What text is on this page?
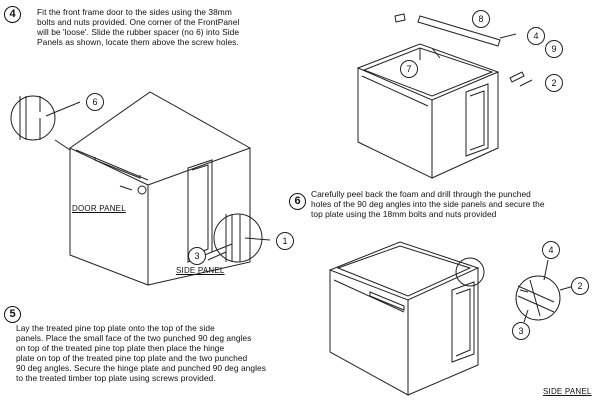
4	Fit the front frame door to the sides using the 38mm

bolts and nuts provided. One corner of the FrontPanel

will be 'loose'. Slide the rubber spacer (no 6) into Side

Panels as shown, locate them above the screw holes.

5

Lay the treated pine top plate onto the top of the side

panels. Place the small face of the two punched 90 deg angles

on top of the treated pine top plate then place the hinge

plate on top of the treated pine top plate and the two punched

90 deg angles. Secure the hinge plate and punched 90 deg angles

to the treated timber top plate using screws provided.

6

Carefully peel back the foam and drill through the punched

holes of the 90 deg angles into the side panels and secure the

top plate using the 18mm bolts and nuts provided

DOOR PANEL
SIDE PANEL
SIDE PANEL
6
1
3
8
4
9
7
2
4
2
3
